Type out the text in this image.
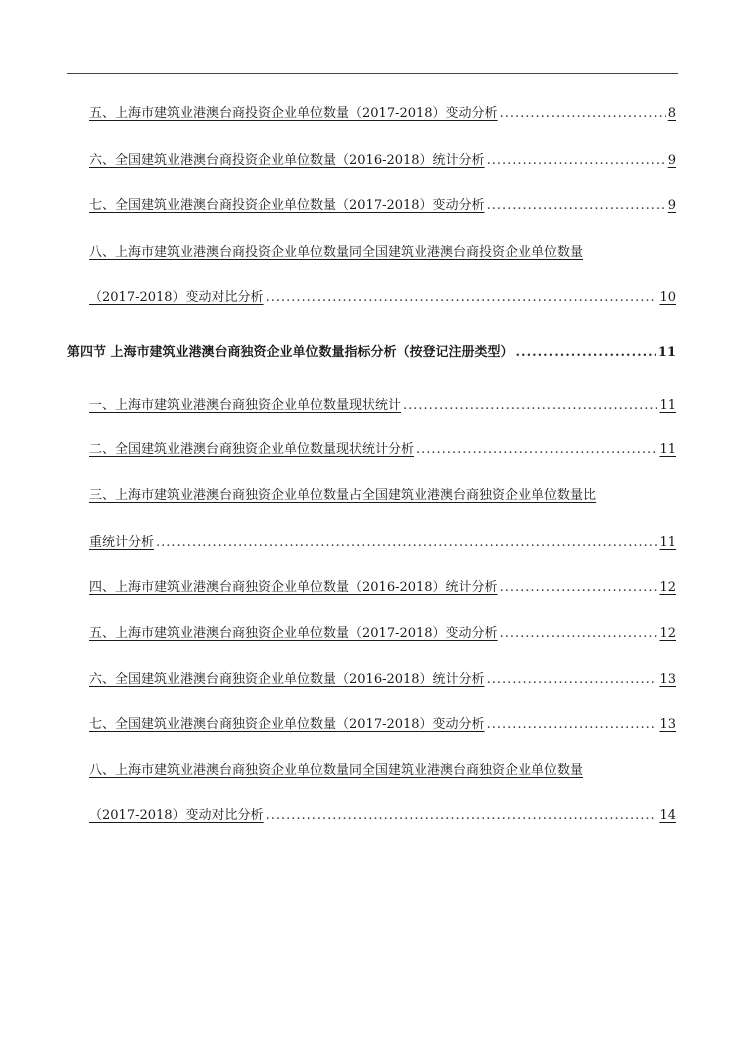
五、上海市建筑业港澳台商投资企业单位数量（2017-2018）变动分析 .....	8
六、全国建筑业港澳台商投资企业单位数量（2016-2018）统计分析 .....	9
七、全国建筑业港澳台商投资企业单位数量（2017-2018）变动分析 .....	9
八、上海市建筑业港澳台商投资企业单位数量同全国建筑业港澳台商投资企业单位数量
（2017-2018）变动对比分析 .....	10
第四节 上海市建筑业港澳台商独资企业单位数量指标分析（按登记注册类型） .....	11
一、上海市建筑业港澳台商独资企业单位数量现状统计 .....	11
二、全国建筑业港澳台商独资企业单位数量现状统计分析 .....	11
三、上海市建筑业港澳台商独资企业单位数量占全国建筑业港澳台商独资企业单位数量比
重统计分析 .....	11
四、上海市建筑业港澳台商独资企业单位数量（2016-2018）统计分析 .....	12
五、上海市建筑业港澳台商独资企业单位数量（2017-2018）变动分析 .....	12
六、全国建筑业港澳台商独资企业单位数量（2016-2018）统计分析 .....	13
七、全国建筑业港澳台商独资企业单位数量（2017-2018）变动分析 .....	13
八、上海市建筑业港澳台商独资企业单位数量同全国建筑业港澳台商独资企业单位数量
（2017-2018）变动对比分析 .....	14
